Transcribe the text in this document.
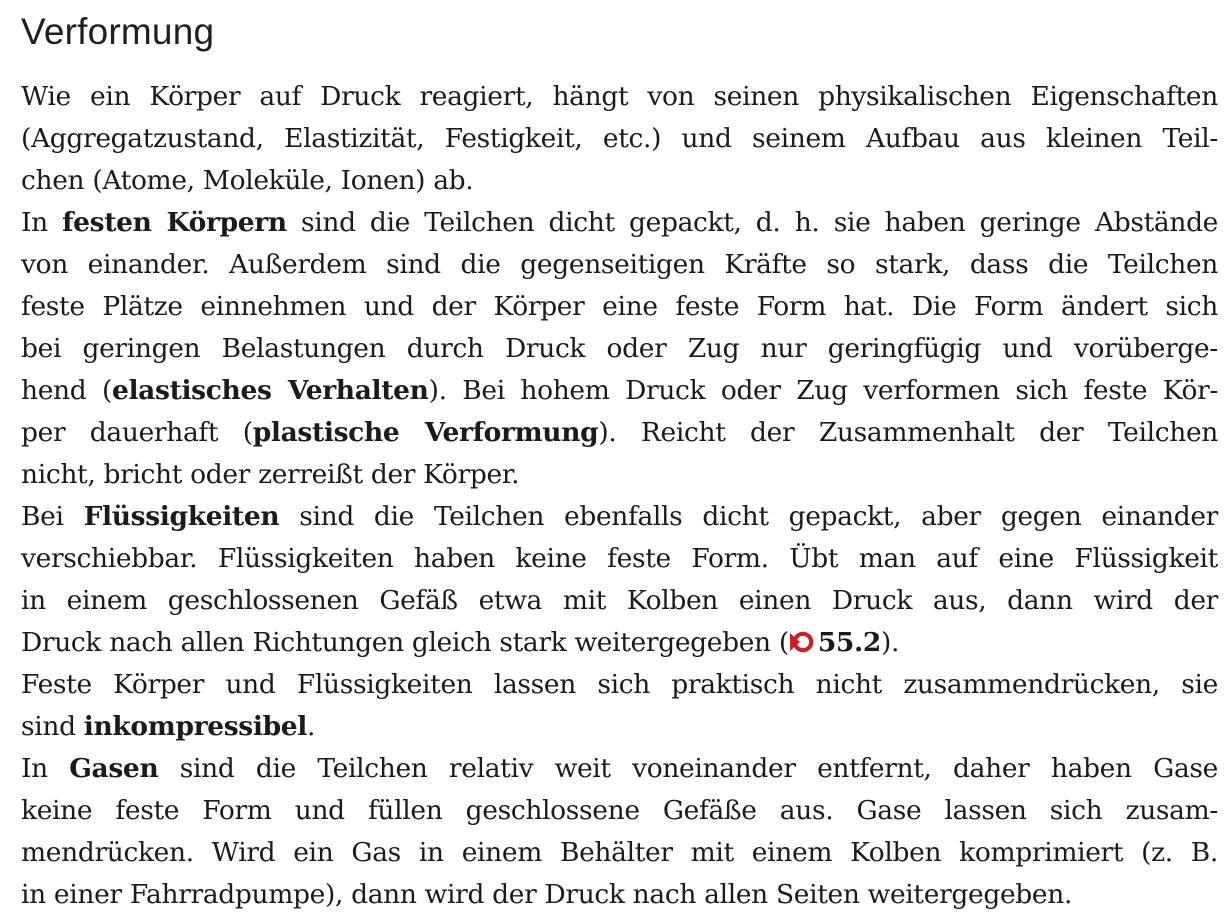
Verformung
Wie ein Körper auf Druck reagiert, hängt von seinen physikalischen Eigenschaften
(Aggregatzustand, Elastizität, Festigkeit, etc.) und seinem Aufbau aus kleinen Teil-
chen (Atome, Moleküle, Ionen) ab.
In festen Körpern sind die Teilchen dicht gepackt, d. h. sie haben geringe Abstände
von einander. Außerdem sind die gegenseitigen Kräfte so stark, dass die Teilchen
feste Plätze einnehmen und der Körper eine feste Form hat. Die Form ändert sich
bei geringen Belastungen durch Druck oder Zug nur geringfügig und vorüberge-
hend (elastisches Verhalten). Bei hohem Druck oder Zug verformen sich feste Kör-
per dauerhaft (plastische Verformung). Reicht der Zusammenhalt der Teilchen
nicht, bricht oder zerreißt der Körper.
Bei Flüssigkeiten sind die Teilchen ebenfalls dicht gepackt, aber gegen einander
verschiebbar. Flüssigkeiten haben keine feste Form. Übt man auf eine Flüssigkeit
in einem geschlossenen Gefäß etwa mit Kolben einen Druck aus, dann wird der
Druck nach allen Richtungen gleich stark weitergegeben ( 55.2).
Feste Körper und Flüssigkeiten lassen sich praktisch nicht zusammendrücken, sie
sind inkompressibel.
In Gasen sind die Teilchen relativ weit voneinander entfernt, daher haben Gase
keine feste Form und füllen geschlossene Gefäße aus. Gase lassen sich zusam-
mendrücken. Wird ein Gas in einem Behälter mit einem Kolben komprimiert (z. B.
in einer Fahrradpumpe), dann wird der Druck nach allen Seiten weitergegeben.
